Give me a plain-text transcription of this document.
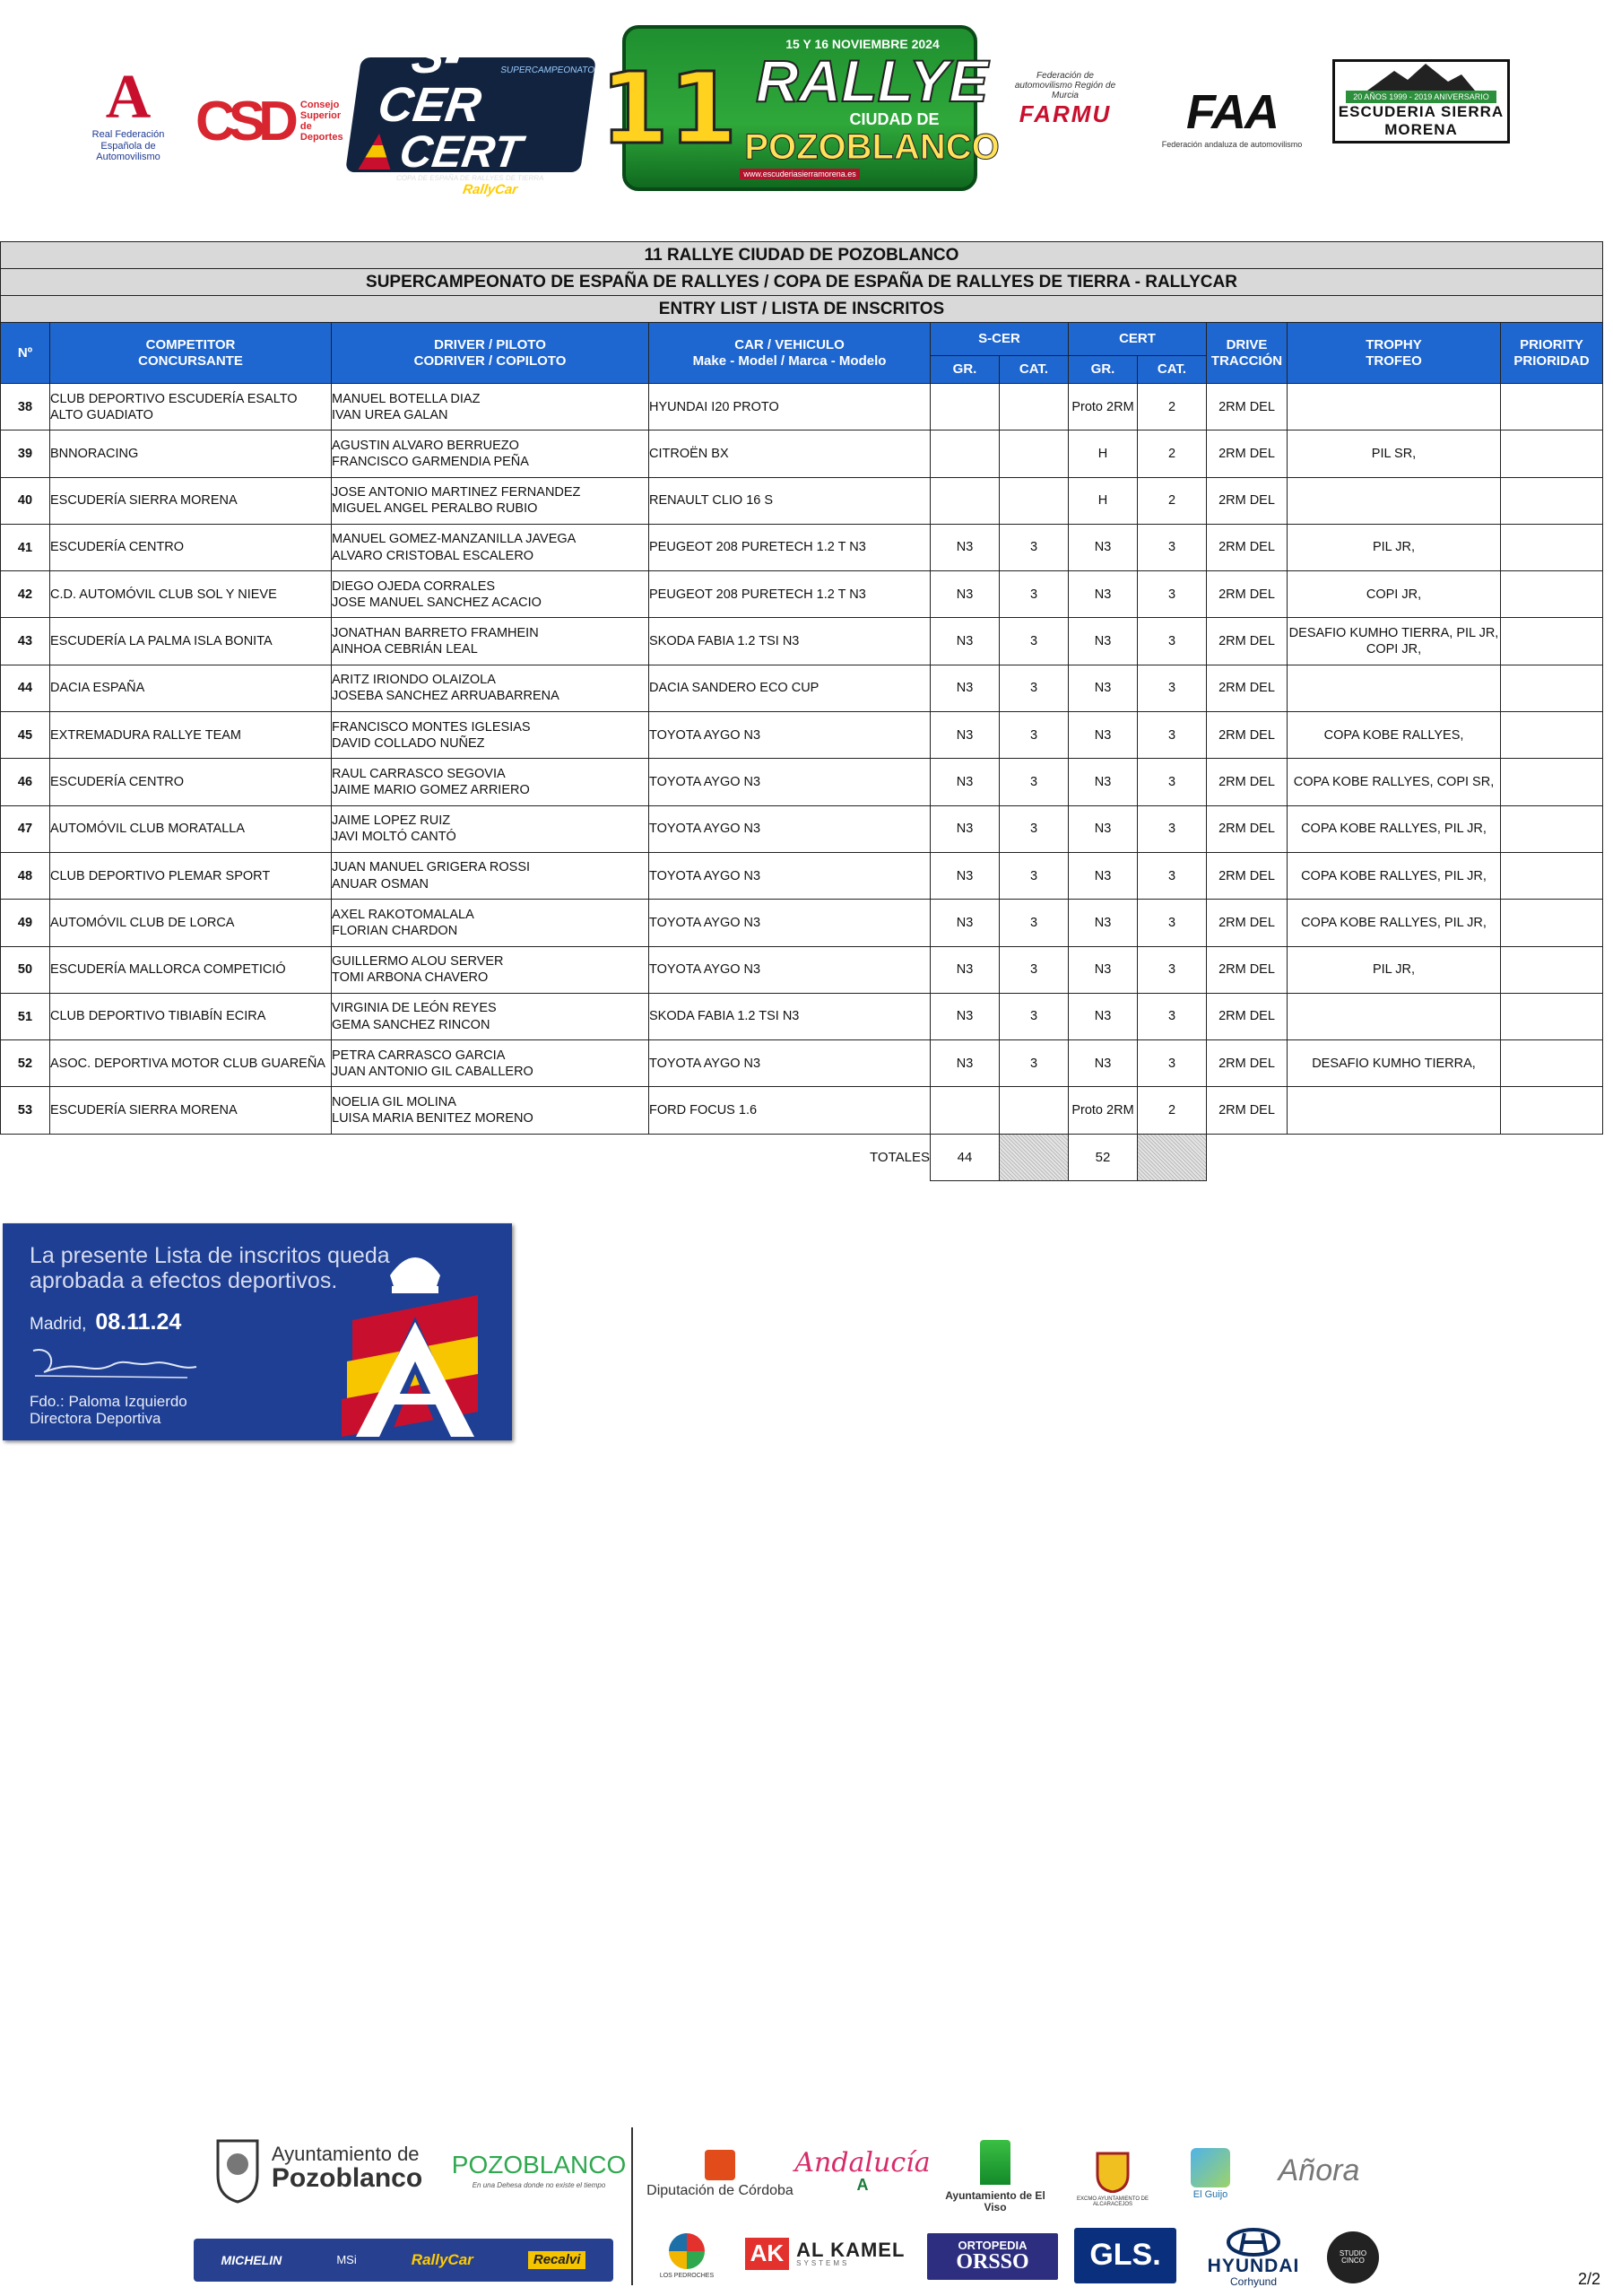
A
Real Federación Española de Automovilismo
CSD Consejo Superior de Deportes
S-CER
SUPERCAMPEONATO
CERT
COPA DE ESPAÑA DE RALLYES DE TIERRA
RallyCar
15 Y 16 NOVIEMBRE 2024
11 RALLYE
CIUDAD DE
POZOBLANCO
www.escuderiasierramorena.es
Federación de automovilismo Región de Murcia
FARMU FAA
Federación andaluza de automovilismo
20 AÑOS 1999 - 2019 ANIVERSARIO
ESCUDERIA SIERRA MORENA
11 RALLYE CIUDAD DE POZOBLANCO										
SUPERCAMPEONATO DE ESPAÑA DE RALLYES / COPA DE ESPAÑA DE RALLYES DE TIERRA - RALLYCAR										
ENTRY LIST / LISTA DE INSCRITOS										
Nº	COMPETITOR
CONCURSANTE	DRIVER / PILOTO
CODRIVER / COPILOTO	CAR / VEHICULO
Make - Model / Marca - Modelo	S-CER		CERT		DRIVE
TRACCIÓN	TROPHY
TROFEO	PRIORITY
PRIORIDAD
				GR.	CAT.	GR.	CAT.			
38	CLUB DEPORTIVO ESCUDERÍA ESALTO ALTO GUADIATO	MANUEL BOTELLA DIAZ
IVAN UREA GALAN	HYUNDAI I20 PROTO			Proto 2RM	2	2RM DEL		
39	BNNORACING	AGUSTIN ALVARO BERRUEZO
FRANCISCO GARMENDIA PEÑA	CITROËN BX			H	2	2RM DEL	PIL SR,	
40	ESCUDERÍA SIERRA MORENA	JOSE ANTONIO MARTINEZ FERNANDEZ
MIGUEL ANGEL PERALBO RUBIO	RENAULT CLIO 16 S			H	2	2RM DEL		
41	ESCUDERÍA CENTRO	MANUEL GOMEZ-MANZANILLA JAVEGA
ALVARO CRISTOBAL ESCALERO	PEUGEOT 208 PURETECH 1.2 T N3	N3	3	N3	3	2RM DEL	PIL JR,	
42	C.D. AUTOMÓVIL CLUB SOL Y NIEVE	DIEGO OJEDA CORRALES
JOSE MANUEL SANCHEZ ACACIO	PEUGEOT 208 PURETECH 1.2 T N3	N3	3	N3	3	2RM DEL	COPI JR,	
43	ESCUDERÍA LA PALMA ISLA BONITA	JONATHAN BARRETO FRAMHEIN
AINHOA CEBRIÁN LEAL	SKODA FABIA 1.2 TSI N3	N3	3	N3	3	2RM DEL	DESAFIO KUMHO TIERRA, PIL JR, COPI JR,	
44	DACIA ESPAÑA	ARITZ IRIONDO OLAIZOLA
JOSEBA SANCHEZ ARRUABARRENA	DACIA SANDERO ECO CUP	N3	3	N3	3	2RM DEL		
45	EXTREMADURA RALLYE TEAM	FRANCISCO MONTES IGLESIAS
DAVID COLLADO NUÑEZ	TOYOTA AYGO N3	N3	3	N3	3	2RM DEL	COPA KOBE RALLYES,	
46	ESCUDERÍA CENTRO	RAUL CARRASCO SEGOVIA
JAIME MARIO GOMEZ ARRIERO	TOYOTA AYGO N3	N3	3	N3	3	2RM DEL	COPA KOBE RALLYES, COPI SR,	
47	AUTOMÓVIL CLUB MORATALLA	JAIME LOPEZ RUIZ
JAVI MOLTÓ CANTÓ	TOYOTA AYGO N3	N3	3	N3	3	2RM DEL	COPA KOBE RALLYES, PIL JR,	
48	CLUB DEPORTIVO PLEMAR SPORT	JUAN MANUEL GRIGERA ROSSI
ANUAR OSMAN	TOYOTA AYGO N3	N3	3	N3	3	2RM DEL	COPA KOBE RALLYES, PIL JR,	
49	AUTOMÓVIL CLUB DE LORCA	AXEL RAKOTOMALALA
FLORIAN CHARDON	TOYOTA AYGO N3	N3	3	N3	3	2RM DEL	COPA KOBE RALLYES, PIL JR,	
50	ESCUDERÍA MALLORCA COMPETICIÓ	GUILLERMO ALOU SERVER
TOMI ARBONA CHAVERO	TOYOTA AYGO N3	N3	3	N3	3	2RM DEL	PIL JR,	
51	CLUB DEPORTIVO TIBIABÍN ECIRA	VIRGINIA DE LEÓN REYES
GEMA SANCHEZ RINCON	SKODA FABIA 1.2 TSI N3	N3	3	N3	3	2RM DEL		
52	ASOC. DEPORTIVA MOTOR CLUB GUAREÑA	PETRA CARRASCO GARCIA
JUAN ANTONIO GIL CABALLERO	TOYOTA AYGO N3	N3	3	N3	3	2RM DEL	DESAFIO KUMHO TIERRA,	
53	ESCUDERÍA SIERRA MORENA	NOELIA GIL MOLINA
LUISA MARIA BENITEZ MORENO	FORD FOCUS 1.6			Proto 2RM	2	2RM DEL		
TOTALES				44		52				
La presente Lista de inscritos queda
aprobada a efectos deportivos.
Madrid, 08.11.24
Fdo.: Paloma Izquierdo
Directora Deportiva
Ayuntamiento de
Pozoblanco POZOBLANCO
En una Dehesa donde no existe el tiempo	Diputación de Córdoba
Andalucía
A
Ayuntamiento de El Viso
EXCMO AYUNTAMIENTO DE ALCARACEJOS
El Guijo
Añora
MICHELIN	MSi	RallyCar	Recalvi
LOS PEDROCHES
AK AL KAMEL
SYSTEMS
ORTOPEDIA
ORSSO GLS. HYUNDAI
Corhyund
STUDIO CINCO
2/2
